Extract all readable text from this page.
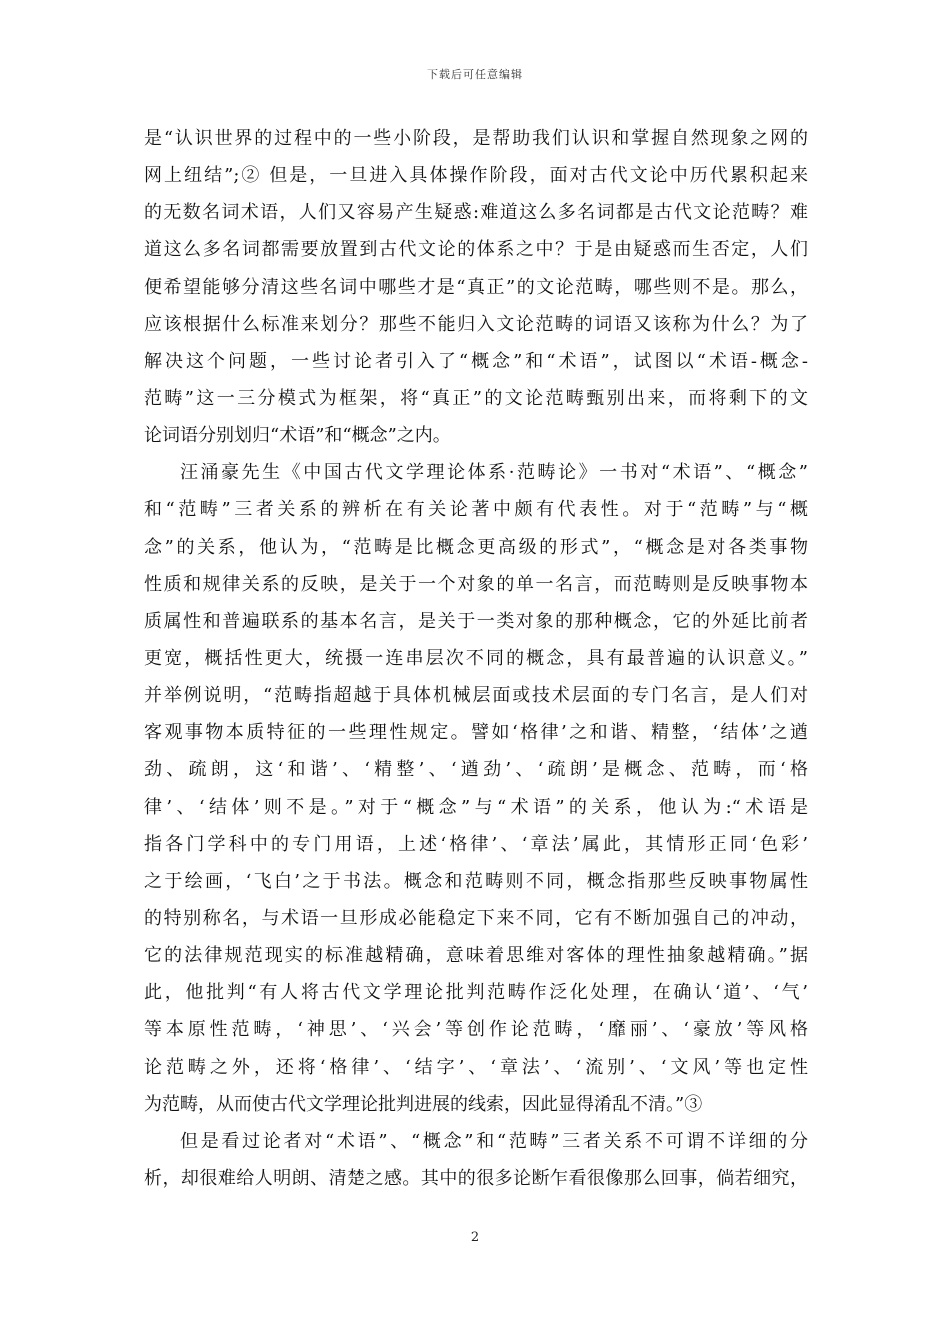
下载后可任意编辑
是“认识世界的过程中的一些小阶段，是帮助我们认识和掌握自然现象之网的
网上纽结”;② 但是，一旦进入具体操作阶段，面对古代文论中历代累积起来
的无数名词术语，人们又容易产生疑惑:难道这么多名词都是古代文论范畴？难
道这么多名词都需要放置到古代文论的体系之中？于是由疑惑而生否定，人们
便希望能够分清这些名词中哪些才是“真正”的文论范畴，哪些则不是。那么，
应该根据什么标准来划分？那些不能归入文论范畴的词语又该称为什么？为了
解决这个问题，一些讨论者引入了“概念”和“术语”，试图以“术语-概念-
范畴”这一三分模式为框架，将“真正”的文论范畴甄别出来，而将剩下的文
论词语分别划归“术语”和“概念”之内。
汪涌豪先生《中国古代文学理论体系·范畴论》一书对“术语”、“概念”
和“范畴”三者关系的辨析在有关论著中颇有代表性。对于“范畴”与“概
念”的关系，他认为，“范畴是比概念更高级的形式”，“概念是对各类事物
性质和规律关系的反映，是关于一个对象的单一名言，而范畴则是反映事物本
质属性和普遍联系的基本名言，是关于一类对象的那种概念，它的外延比前者
更宽，概括性更大，统摄一连串层次不同的概念，具有最普遍的认识意义。”
并举例说明，“范畴指超越于具体机械层面或技术层面的专门名言，是人们对
客观事物本质特征的一些理性规定。譬如‘格律’之和谐、精整，‘结体’之遒
劲、疏朗，这‘和谐’、‘精整’、‘遒劲’、‘疏朗’是概念、范畴，而‘格
律’、‘结体’则不是。”对于“概念”与“术语”的关系，他认为:“术语是
指各门学科中的专门用语，上述‘格律’、‘章法’属此，其情形正同‘色彩’
之于绘画，‘飞白’之于书法。概念和范畴则不同，概念指那些反映事物属性
的特别称名，与术语一旦形成必能稳定下来不同，它有不断加强自己的冲动，
它的法律规范现实的标准越精确，意味着思维对客体的理性抽象越精确。”据
此，他批判“有人将古代文学理论批判范畴作泛化处理，在确认‘道’、‘气’
等本原性范畴，‘神思’、‘兴会’等创作论范畴，‘靡丽’、‘豪放’等风格
论范畴之外，还将‘格律’、‘结字’、‘章法’、‘流别’、‘文风’等也定性
为范畴，从而使古代文学理论批判进展的线索，因此显得淆乱不清。”③
但是看过论者对“术语”、“概念”和“范畴”三者关系不可谓不详细的分
析，却很难给人明朗、清楚之感。其中的很多论断乍看很像那么回事，倘若细究，
2
